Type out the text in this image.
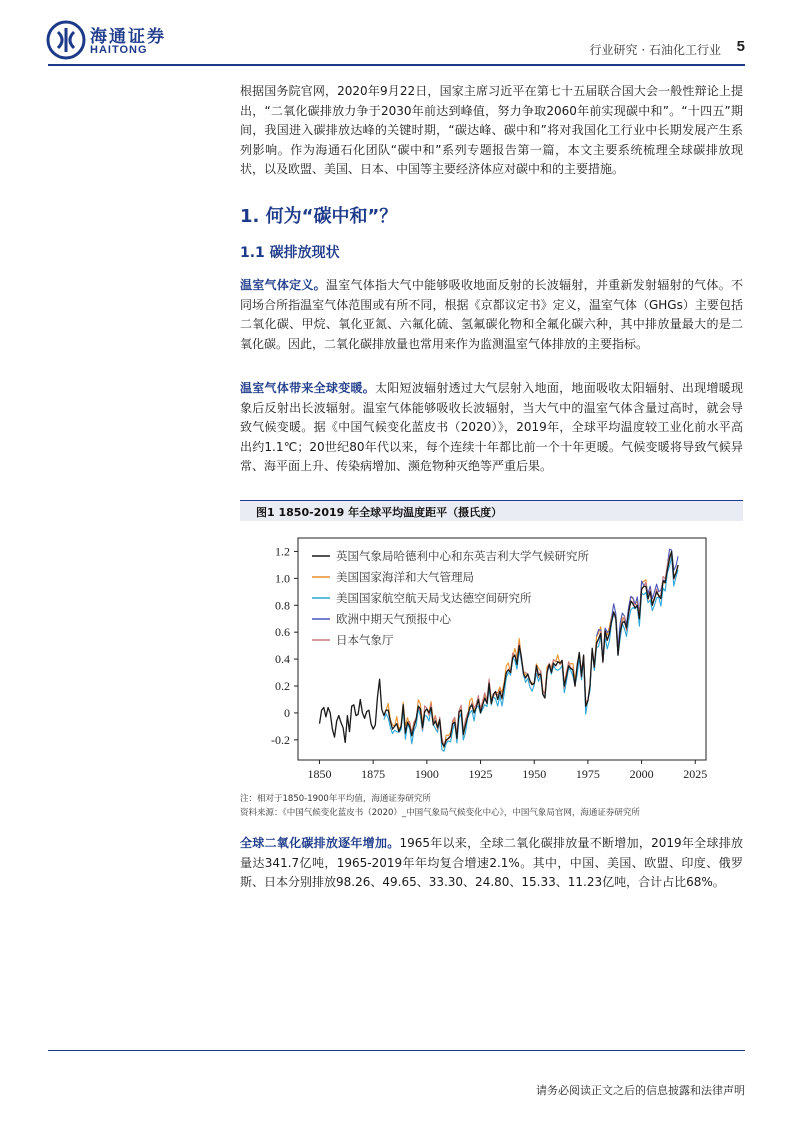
海通证券
HAITONG	行业研究 · 石油化工行业 5

根据国务院官网，2020年9月22日，国家主席习近平在第七十五届联合国大会一般性辩论上提出，“二氧化碳排放力争于2030年前达到峰值，努力争取2060年前实现碳中和”。“十四五”期间，我国进入碳排放达峰的关键时期，“碳达峰、碳中和”将对我国化工行业中长期发展产生系列影响。作为海通石化团队“碳中和”系列专题报告第一篇，本文主要系统梳理全球碳排放现状，以及欧盟、美国、日本、中国等主要经济体应对碳中和的主要措施。

1. 何为“碳中和”？
1.1 碳排放现状

温室气体定义。温室气体指大气中能够吸收地面反射的长波辐射，并重新发射辐射的气体。不同场合所指温室气体范围或有所不同，根据《京都议定书》定义，温室气体（GHGs）主要包括二氧化碳、甲烷、氧化亚氮、六氟化硫、氢氟碳化物和全氟化碳六种，其中排放量最大的是二氧化碳。因此，二氧化碳排放量也常用来作为监测温室气体排放的主要指标。

温室气体带来全球变暖。太阳短波辐射透过大气层射入地面，地面吸收太阳辐射、出现增暖现象后反射出长波辐射。温室气体能够吸收长波辐射，当大气中的温室气体含量过高时，就会导致气候变暖。据《中国气候变化蓝皮书（2020）》，2019年，全球平均温度较工业化前水平高出约1.1℃；20世纪80年代以来，每个连续十年都比前一个十年更暖。气候变暖将导致气候异常、海平面上升、传染病增加、濒危物种灭绝等严重后果。

图1 1850-2019 年全球平均温度距平（摄氏度）
-0.2
0
0.2
0.4
0.6
0.8
1.0
1.2
1850 1875 1900 1925 1950 1975 2000 2025
英国气象局哈德利中心和东英吉利大学气候研究所
美国国家海洋和大气管理局
美国国家航空航天局戈达德空间研究所
欧洲中期天气预报中心
日本气象厅
注：相对于1850-1900年平均值，海通证券研究所
资料来源：《中国气候变化蓝皮书（2020）_中国气象局气候变化中心》，中国气象局官网，海通证券研究所

全球二氧化碳排放逐年增加。1965年以来，全球二氧化碳排放量不断增加，2019年全球排放量达341.7亿吨，1965-2019年年均复合增速2.1%。其中，中国、美国、欧盟、印度、俄罗斯、日本分别排放98.26、49.65、33.30、24.80、15.33、11.23亿吨，合计占比68%。

请务必阅读正文之后的信息披露和法律声明
